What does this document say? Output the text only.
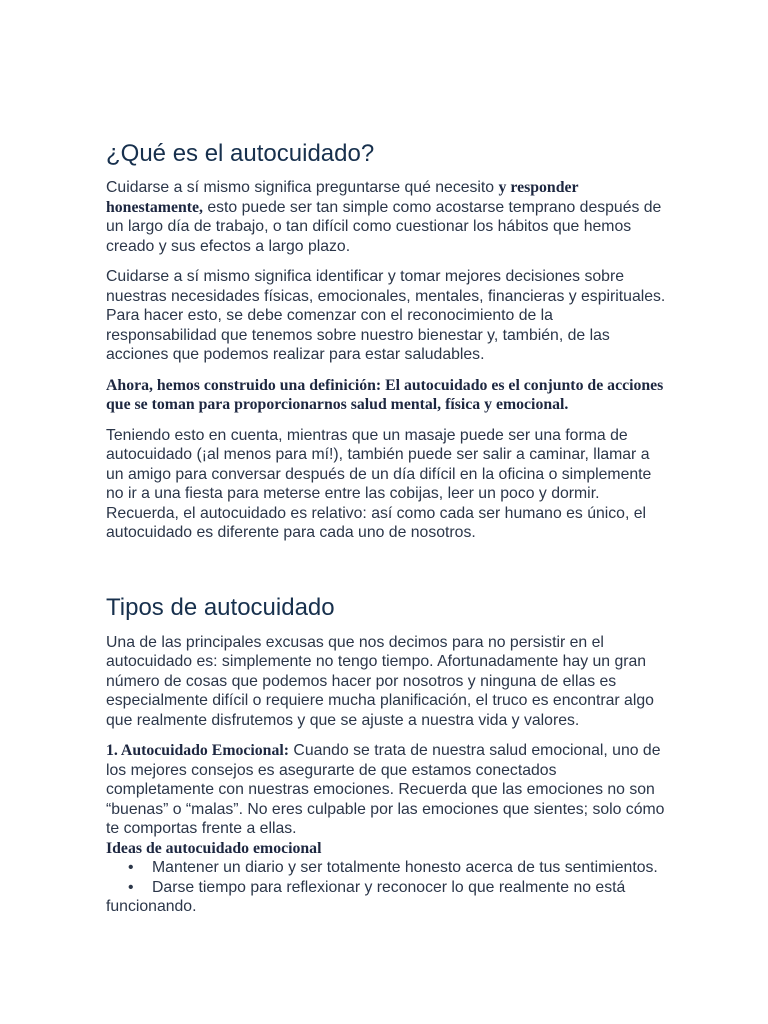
¿Qué es el autocuidado?

Cuidarse a sí mismo significa preguntarse qué necesito y responder honestamente, esto puede ser tan simple como acostarse temprano después de un largo día de trabajo, o tan difícil como cuestionar los hábitos que hemos creado y sus efectos a largo plazo.

Cuidarse a sí mismo significa identificar y tomar mejores decisiones sobre nuestras necesidades físicas, emocionales, mentales, financieras y espirituales. Para hacer esto, se debe comenzar con el reconocimiento de la responsabilidad que tenemos sobre nuestro bienestar y, también, de las acciones que podemos realizar para estar saludables.

Ahora, hemos construido una definición: El autocuidado es el conjunto de acciones que se toman para proporcionarnos salud mental, física y emocional.

Teniendo esto en cuenta, mientras que un masaje puede ser una forma de autocuidado (¡al menos para mí!), también puede ser salir a caminar, llamar a un amigo para conversar después de un día difícil en la oficina o simplemente no ir a una fiesta para meterse entre las cobijas, leer un poco y dormir. Recuerda, el autocuidado es relativo: así como cada ser humano es único, el autocuidado es diferente para cada uno de nosotros.

Tipos de autocuidado

Una de las principales excusas que nos decimos para no persistir en el autocuidado es: simplemente no tengo tiempo. Afortunadamente hay un gran número de cosas que podemos hacer por nosotros y ninguna de ellas es especialmente difícil o requiere mucha planificación, el truco es encontrar algo que realmente disfrutemos y que se ajuste a nuestra vida y valores.

1. Autocuidado Emocional: Cuando se trata de nuestra salud emocional, uno de los mejores consejos es asegurarte de que estamos conectados completamente con nuestras emociones. Recuerda que las emociones no son “buenas” o “malas”. No eres culpable por las emociones que sientes; solo cómo te comportas frente a ellas.

Ideas de autocuidado emocional

• Mantener un diario y ser totalmente honesto acerca de tus sentimientos.
• Darse tiempo para reflexionar y reconocer lo que realmente no está
funcionando.
